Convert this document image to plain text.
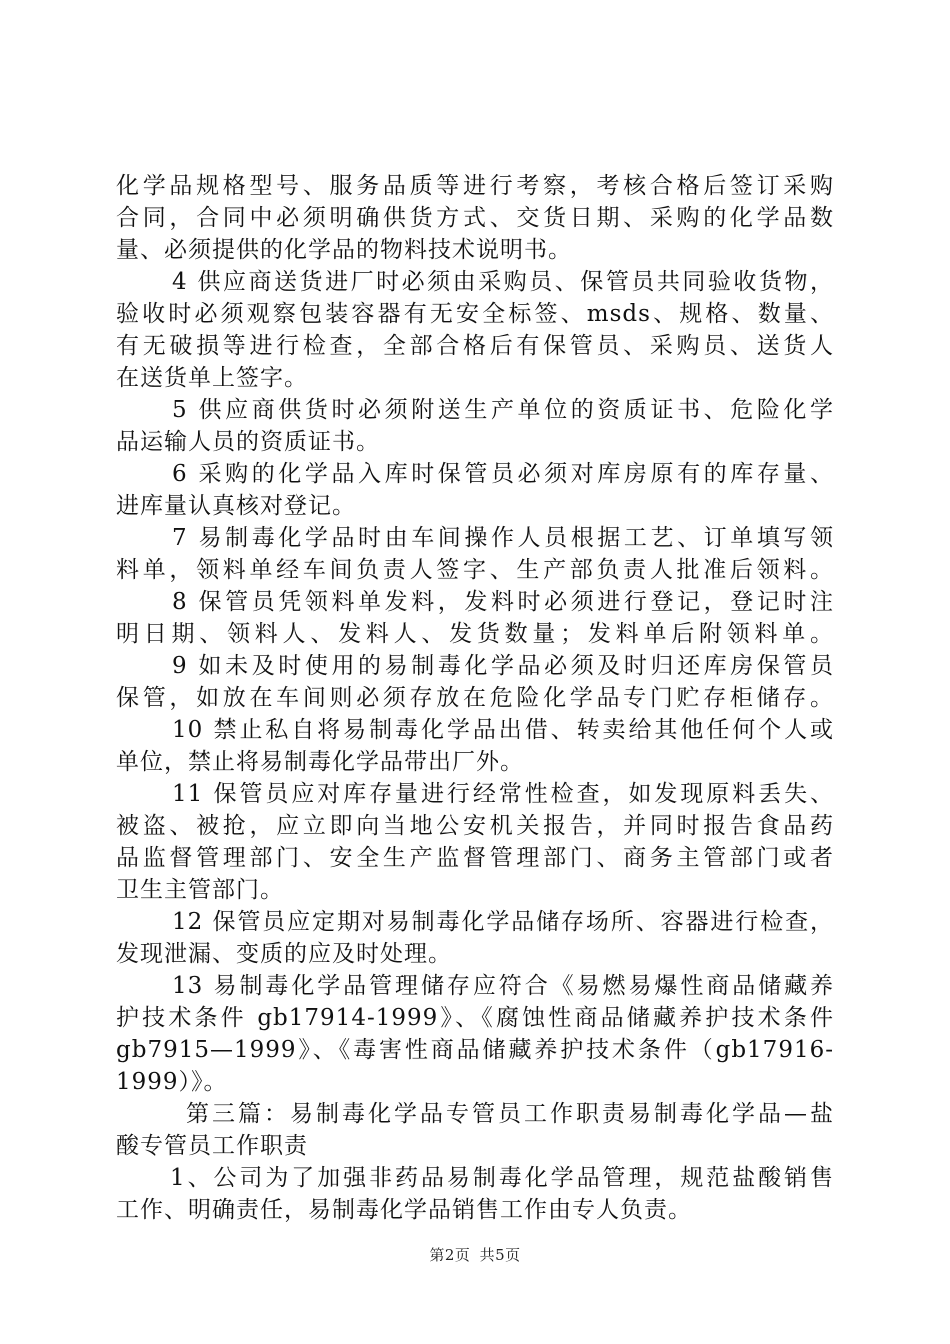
化学品规格型号、服务品质等进行考察，考核合格后签订采购
合同，合同中必须明确供货方式、交货日期、采购的化学品数
量、必须提供的化学品的物料技术说明书。
4 供应商送货进厂时必须由采购员、保管员共同验收货物，
验收时必须观察包装容器有无安全标签、msds、规格、数量、
有无破损等进行检查，全部合格后有保管员、采购员、送货人
在送货单上签字。
5 供应商供货时必须附送生产单位的资质证书、危险化学
品运输人员的资质证书。
6 采购的化学品入库时保管员必须对库房原有的库存量、
进库量认真核对登记。
7 易制毒化学品时由车间操作人员根据工艺、订单填写领
料单，领料单经车间负责人签字、生产部负责人批准后领料。
8 保管员凭领料单发料，发料时必须进行登记，登记时注
明日期、领料人、发料人、发货数量；发料单后附领料单。
9 如未及时使用的易制毒化学品必须及时归还库房保管员
保管，如放在车间则必须存放在危险化学品专门贮存柜储存。
10 禁止私自将易制毒化学品出借、转卖给其他任何个人或
单位，禁止将易制毒化学品带出厂外。
11 保管员应对库存量进行经常性检查，如发现原料丢失、
被盗、被抢，应立即向当地公安机关报告，并同时报告食品药
品监督管理部门、安全生产监督管理部门、商务主管部门或者
卫生主管部门。
12 保管员应定期对易制毒化学品储存场所、容器进行检查，
发现泄漏、变质的应及时处理。
13 易制毒化学品管理储存应符合《易燃易爆性商品储藏养
护技术条件 gb17914-1999》、《腐蚀性商品储藏养护技术条件
gb7915—1999》、《毒害性商品储藏养护技术条件（gb17916-
1999）》。
第三篇：易制毒化学品专管员工作职责易制毒化学品—盐
酸专管员工作职责
1、公司为了加强非药品易制毒化学品管理，规范盐酸销售
工作、明确责任，易制毒化学品销售工作由专人负责。
第2页 共5页
